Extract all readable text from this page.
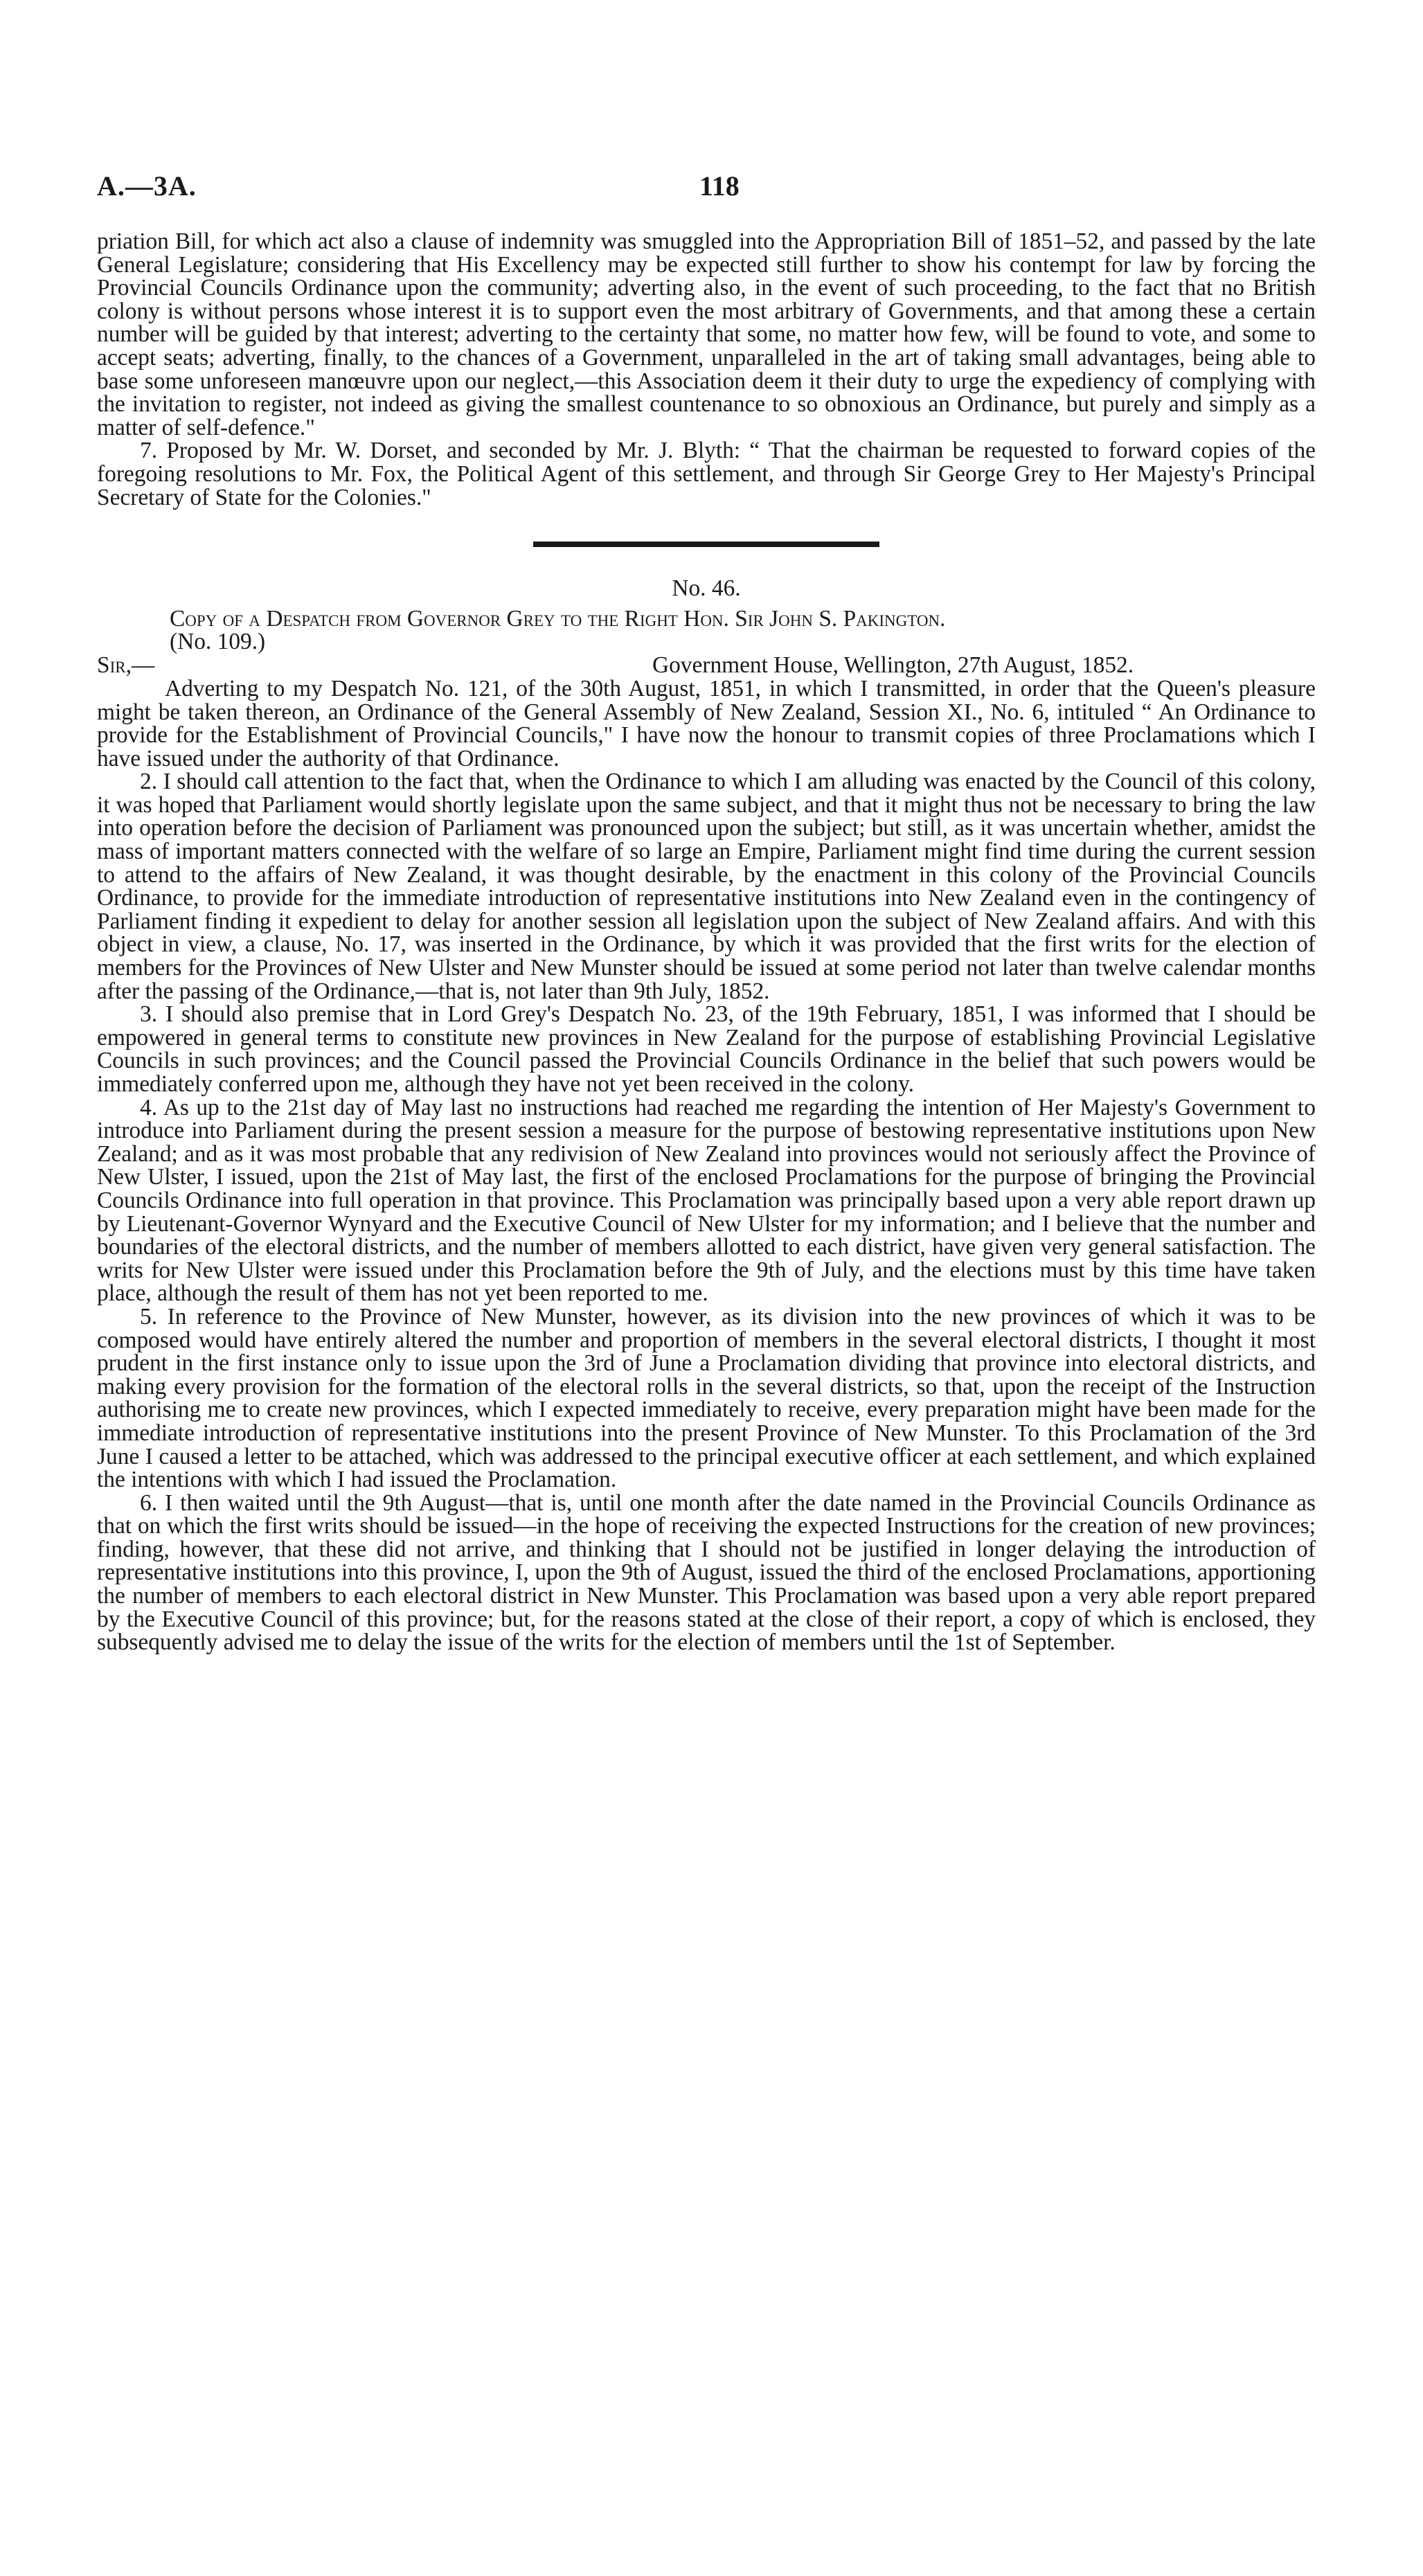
A.—3A.	118

priation Bill, for which act also a clause of indemnity was smuggled into the Appropriation Bill of 1851–52, and passed by the late General Legislature; considering that His Excellency may be expected still further to show his contempt for law by forcing the Provincial Councils Ordinance upon the community; adverting also, in the event of such proceeding, to the fact that no British colony is without persons whose interest it is to support even the most arbitrary of Governments, and that among these a certain number will be guided by that interest; adverting to the certainty that some, no matter how few, will be found to vote, and some to accept seats; adverting, finally, to the chances of a Government, unparalleled in the art of taking small advantages, being able to base some unforeseen manœuvre upon our neglect,—this Association deem it their duty to urge the expediency of complying with the invitation to register, not indeed as giving the smallest countenance to so obnoxious an Ordinance, but purely and simply as a matter of self-defence."

7. Proposed by Mr. W. Dorset, and seconded by Mr. J. Blyth: “ That the chairman be requested to forward copies of the foregoing resolutions to Mr. Fox, the Political Agent of this settlement, and through Sir George Grey to Her Majesty's Principal Secretary of State for the Colonies."

No. 46.

Copy of a Despatch from Governor Grey to the Right Hon. Sir John S. Pakington.

(No. 109.)

Sir,—	Government House, Wellington, 27th August, 1852.

Adverting to my Despatch No. 121, of the 30th August, 1851, in which I transmitted, in order that the Queen's pleasure might be taken thereon, an Ordinance of the General Assembly of New Zealand, Session XI., No. 6, intituled “ An Ordinance to provide for the Establishment of Provincial Councils," I have now the honour to transmit copies of three Proclamations which I have issued under the authority of that Ordinance.

2. I should call attention to the fact that, when the Ordinance to which I am alluding was enacted by the Council of this colony, it was hoped that Parliament would shortly legislate upon the same subject, and that it might thus not be necessary to bring the law into operation before the decision of Parliament was pronounced upon the subject; but still, as it was uncertain whether, amidst the mass of important matters connected with the welfare of so large an Empire, Parliament might find time during the current session to attend to the affairs of New Zealand, it was thought desirable, by the enactment in this colony of the Provincial Councils Ordinance, to provide for the immediate introduction of representative institutions into New Zealand even in the contingency of Parliament finding it expedient to delay for another session all legislation upon the subject of New Zealand affairs. And with this object in view, a clause, No. 17, was inserted in the Ordinance, by which it was provided that the first writs for the election of members for the Provinces of New Ulster and New Munster should be issued at some period not later than twelve calendar months after the passing of the Ordinance,—that is, not later than 9th July, 1852.

3. I should also premise that in Lord Grey's Despatch No. 23, of the 19th February, 1851, I was informed that I should be empowered in general terms to constitute new provinces in New Zealand for the purpose of establishing Provincial Legislative Councils in such provinces; and the Council passed the Provincial Councils Ordinance in the belief that such powers would be immediately conferred upon me, although they have not yet been received in the colony.

4. As up to the 21st day of May last no instructions had reached me regarding the intention of Her Majesty's Government to introduce into Parliament during the present session a measure for the purpose of bestowing representative institutions upon New Zealand; and as it was most probable that any redivision of New Zealand into provinces would not seriously affect the Province of New Ulster, I issued, upon the 21st of May last, the first of the enclosed Proclamations for the purpose of bringing the Provincial Councils Ordinance into full operation in that province. This Proclamation was principally based upon a very able report drawn up by Lieutenant-Governor Wynyard and the Executive Council of New Ulster for my information; and I believe that the number and boundaries of the electoral districts, and the number of members allotted to each district, have given very general satisfaction. The writs for New Ulster were issued under this Proclamation before the 9th of July, and the elections must by this time have taken place, although the result of them has not yet been reported to me.

5. In reference to the Province of New Munster, however, as its division into the new provinces of which it was to be composed would have entirely altered the number and proportion of members in the several electoral districts, I thought it most prudent in the first instance only to issue upon the 3rd of June a Proclamation dividing that province into electoral districts, and making every provision for the formation of the electoral rolls in the several districts, so that, upon the receipt of the Instruction authorising me to create new provinces, which I expected immediately to receive, every preparation might have been made for the immediate introduction of representative institutions into the present Province of New Munster. To this Proclamation of the 3rd June I caused a letter to be attached, which was addressed to the principal executive officer at each settlement, and which explained the intentions with which I had issued the Proclamation.

6. I then waited until the 9th August—that is, until one month after the date named in the Provincial Councils Ordinance as that on which the first writs should be issued—in the hope of receiving the expected Instructions for the creation of new provinces; finding, however, that these did not arrive, and thinking that I should not be justified in longer delaying the introduction of representative institutions into this province, I, upon the 9th of August, issued the third of the enclosed Proclamations, apportioning the number of members to each electoral district in New Munster. This Proclamation was based upon a very able report prepared by the Executive Council of this province; but, for the reasons stated at the close of their report, a copy of which is enclosed, they subsequently advised me to delay the issue of the writs for the election of members until the 1st of September.
